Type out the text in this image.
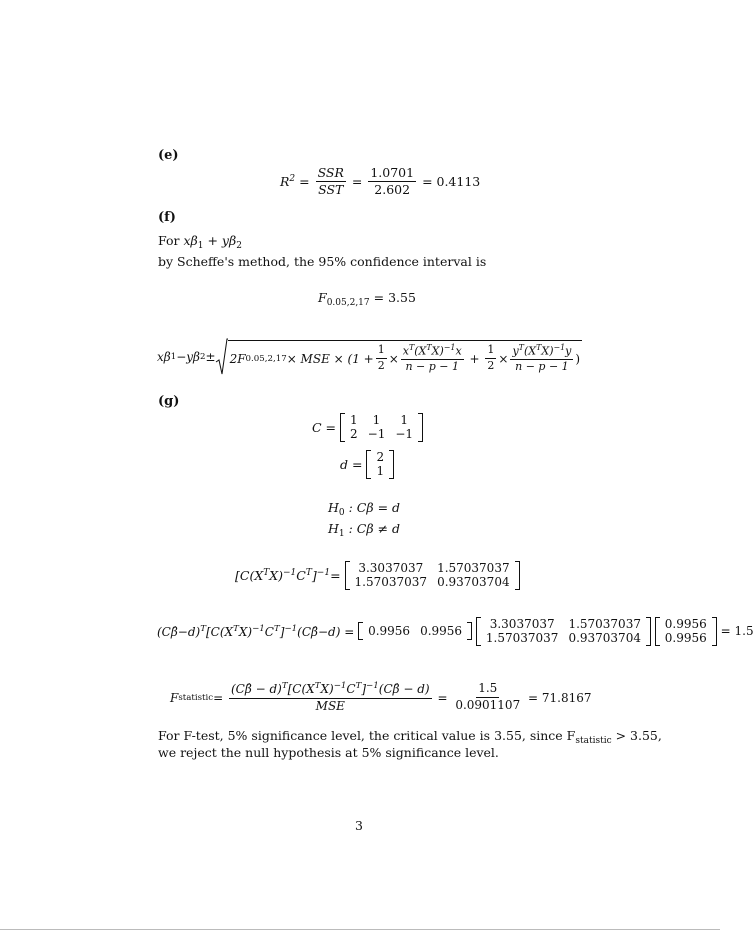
(e)
$R^2 = \frac{\text{SSR}}{\text{SST}} = \frac{1.0701}{2.602}$
= 0.4113
(f)
For $x\beta_1 + y\beta_2$
by Scheffe's method, the 95% confidence interval is
$F_{0.05,2,17} = 3.55$
xβ 1 −yβ 2 ± 2F 0.05,2,17 × MSE × ($1 + \frac{1}{2} \times \frac{x^T(X^TX)^{-1}x}{n - p - 1}$
+
$\frac{1}{2} \times \frac{y^T(X^TX)^{-1}y}{n - p - 1}$ )
(g)
C =
1	1	1
2	−1	−1
d =
2
1
$H_0$ : Cβ = d
$H_1$ : Cβ ≠ d
$[C(X^TX)^{-1}C^T]^{-1}$ =
3.3037037	1.57037037
1.57037037	0.93703704
$(C\betâ-d)^T[C(X^TX)^{-1}C^T]^{-1}(C\betâ-d)$ =
0.9956	0.9956

3.3037037	1.57037037
1.57037037	0.93703704

0.9956
0.9956
= 1.5
F statistic =
$\frac{(C\betâ - d)^T[C(X^TX)^{-1}C^T]^{-1}(C\betâ - d)}{\text{MSE}} = \frac{1.5}{0.0901107}$
= 71.8167
For F-test, 5% significance level, the critical value is 3.55, since $F_{statistic} > 3.55$,
we reject the null hypothesis at 5% significance level.
3
